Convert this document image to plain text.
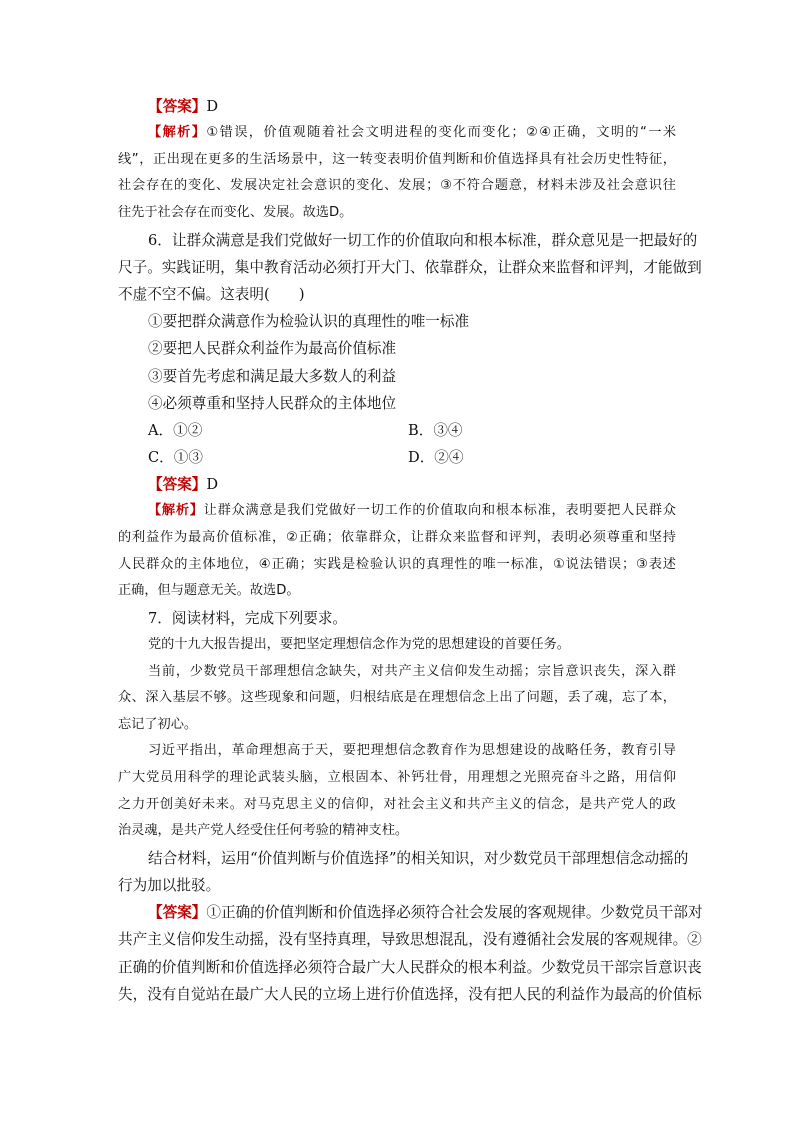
【答案】D
【解析】①错误，价值观随着社会文明进程的变化而变化；②④正确，文明的“一米
线”，正出现在更多的生活场景中，这一转变表明价值判断和价值选择具有社会历史性特征，
社会存在的变化、发展决定社会意识的变化、发展；③不符合题意，材料未涉及社会意识往
往先于社会存在而变化、发展。故选D。
6．让群众满意是我们党做好一切工作的价值取向和根本标准，群众意见是一把最好的
尺子。实践证明，集中教育活动必须打开大门、依靠群众，让群众来监督和评判，才能做到
不虚不空不偏。这表明(　　)
①要把群众满意作为检验认识的真理性的唯一标准
②要把人民群众利益作为最高价值标准
③要首先考虑和满足最大多数人的利益
④必须尊重和坚持人民群众的主体地位
A．①②	B．③④
C．①③	D．②④
【答案】D
【解析】让群众满意是我们党做好一切工作的价值取向和根本标准，表明要把人民群众
的利益作为最高价值标准，②正确；依靠群众，让群众来监督和评判，表明必须尊重和坚持
人民群众的主体地位，④正确；实践是检验认识的真理性的唯一标准，①说法错误；③表述
正确，但与题意无关。故选D。
7．阅读材料，完成下列要求。
党的十九大报告提出，要把坚定理想信念作为党的思想建设的首要任务。
当前，少数党员干部理想信念缺失，对共产主义信仰发生动摇；宗旨意识丧失，深入群
众、深入基层不够。这些现象和问题，归根结底是在理想信念上出了问题，丢了魂，忘了本，
忘记了初心。
习近平指出，革命理想高于天，要把理想信念教育作为思想建设的战略任务，教育引导
广大党员用科学的理论武装头脑，立根固本、补钙壮骨，用理想之光照亮奋斗之路，用信仰
之力开创美好未来。对马克思主义的信仰，对社会主义和共产主义的信念，是共产党人的政
治灵魂，是共产党人经受住任何考验的精神支柱。
结合材料，运用“价值判断与价值选择”的相关知识，对少数党员干部理想信念动摇的
行为加以批驳。
【答案】①正确的价值判断和价值选择必须符合社会发展的客观规律。少数党员干部对
共产主义信仰发生动摇，没有坚持真理，导致思想混乱，没有遵循社会发展的客观规律。②
正确的价值判断和价值选择必须符合最广大人民群众的根本利益。少数党员干部宗旨意识丧
失，没有自觉站在最广大人民的立场上进行价值选择，没有把人民的利益作为最高的价值标
